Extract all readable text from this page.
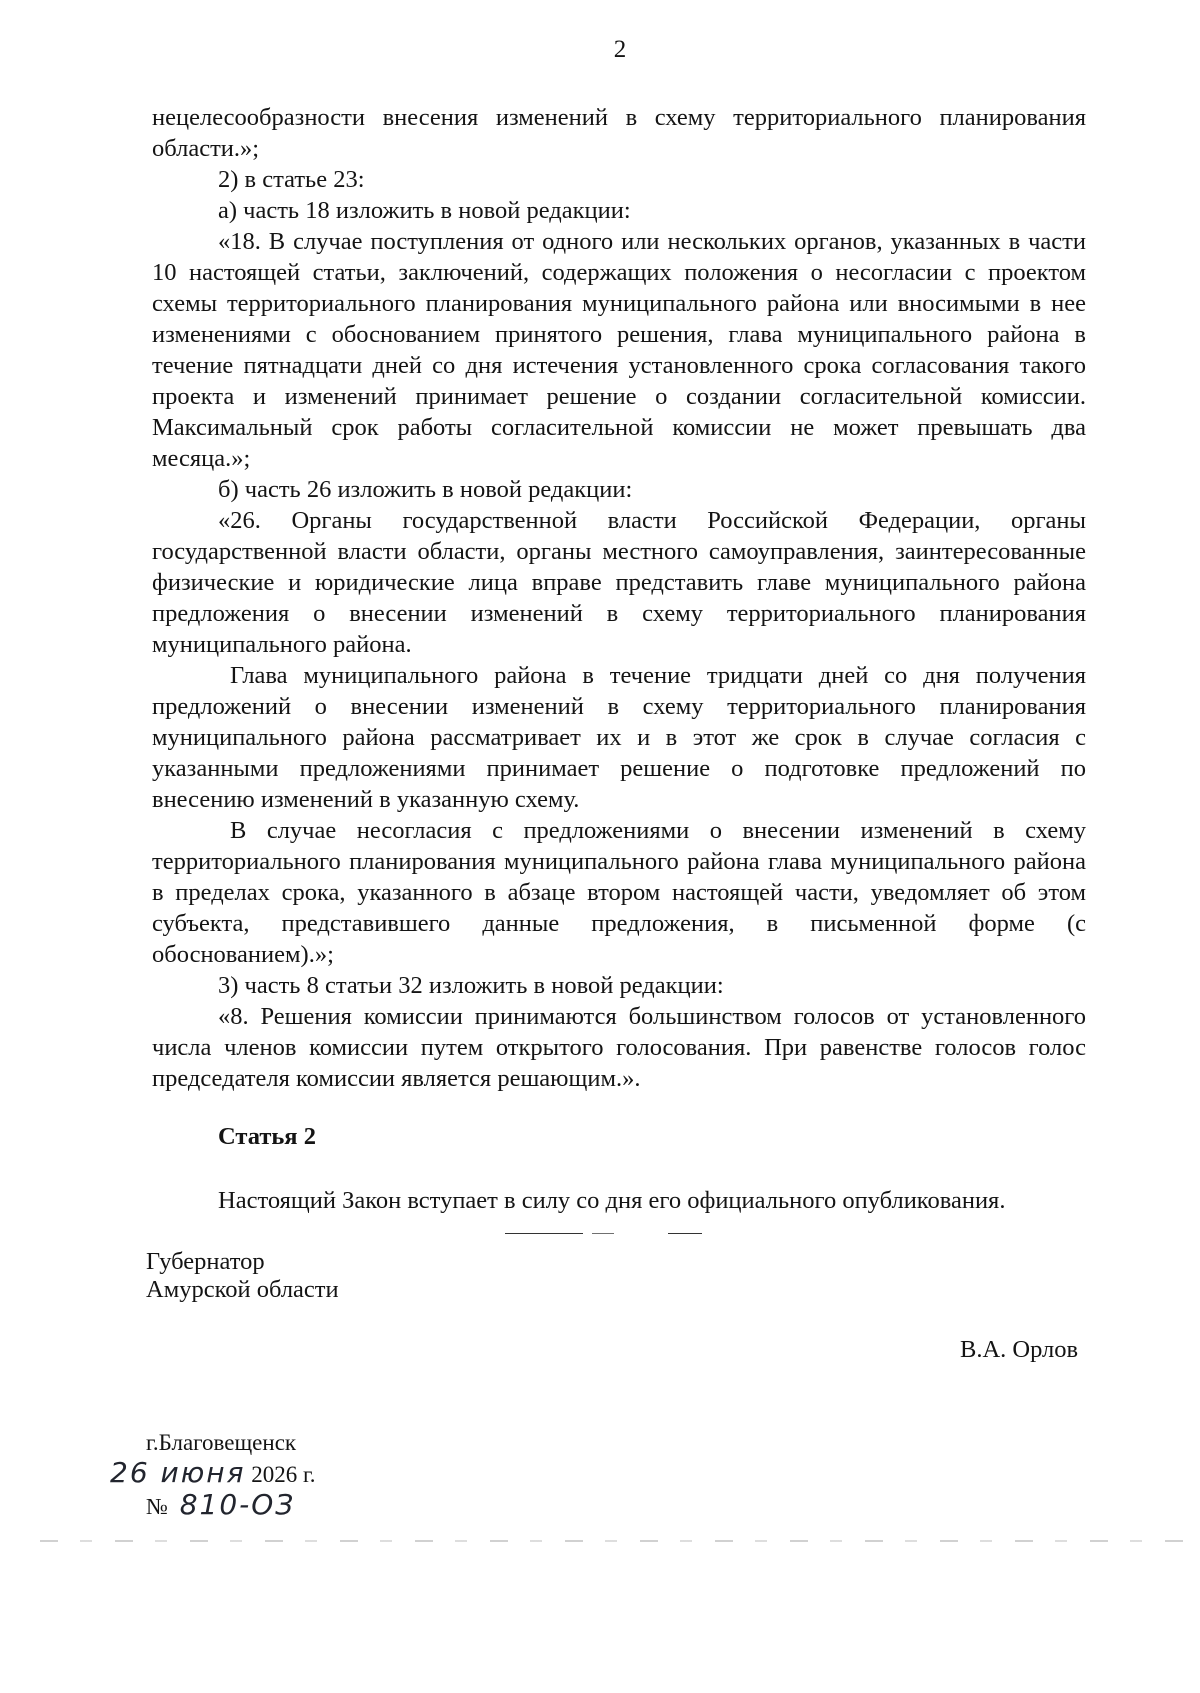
2

нецелесообразности внесения изменений в схему территориального планирования области.»;

2) в статье 23:

а) часть 18 изложить в новой редакции:

«18. В случае поступления от одного или нескольких органов, указанных в части 10 настоящей статьи, заключений, содержащих положения о несогласии с проектом схемы территориального планирования муниципального района или вносимыми в нее изменениями с обоснованием принятого решения, глава муниципального района в течение пятнадцати дней со дня истечения установленного срока согласования такого проекта и изменений принимает решение о создании согласительной комиссии. Максимальный срок работы согласительной комиссии не может превышать два месяца.»;

б) часть 26 изложить в новой редакции:

«26. Органы государственной власти Российской Федерации, органы государственной власти области, органы местного самоуправления, заинтересованные физические и юридические лица вправе представить главе муниципального района предложения о внесении изменений в схему территориального планирования муниципального района.

Глава муниципального района в течение тридцати дней со дня получения предложений о внесении изменений в схему территориального планирования муниципального района рассматривает их и в этот же срок в случае согласия с указанными предложениями принимает решение о подготовке предложений по внесению изменений в указанную схему.

В случае несогласия с предложениями о внесении изменений в схему территориального планирования муниципального района глава муниципального района в пределах срока, указанного в абзаце втором настоящей части, уведомляет об этом субъекта, представившего данные предложения, в письменной форме (с обоснованием).»;

3) часть 8 статьи 32 изложить в новой редакции:

«8. Решения комиссии принимаются большинством голосов от установленного числа членов комиссии путем открытого голосования. При равенстве голосов голос председателя комиссии является решающим.».

Статья 2
Настоящий Закон вступает в силу со дня его официального опубликования.
Губернатор
Амурской области
В.А. Орлов
г.Благовещенск
26 июня 2026 г.
№ 810-ОЗ
